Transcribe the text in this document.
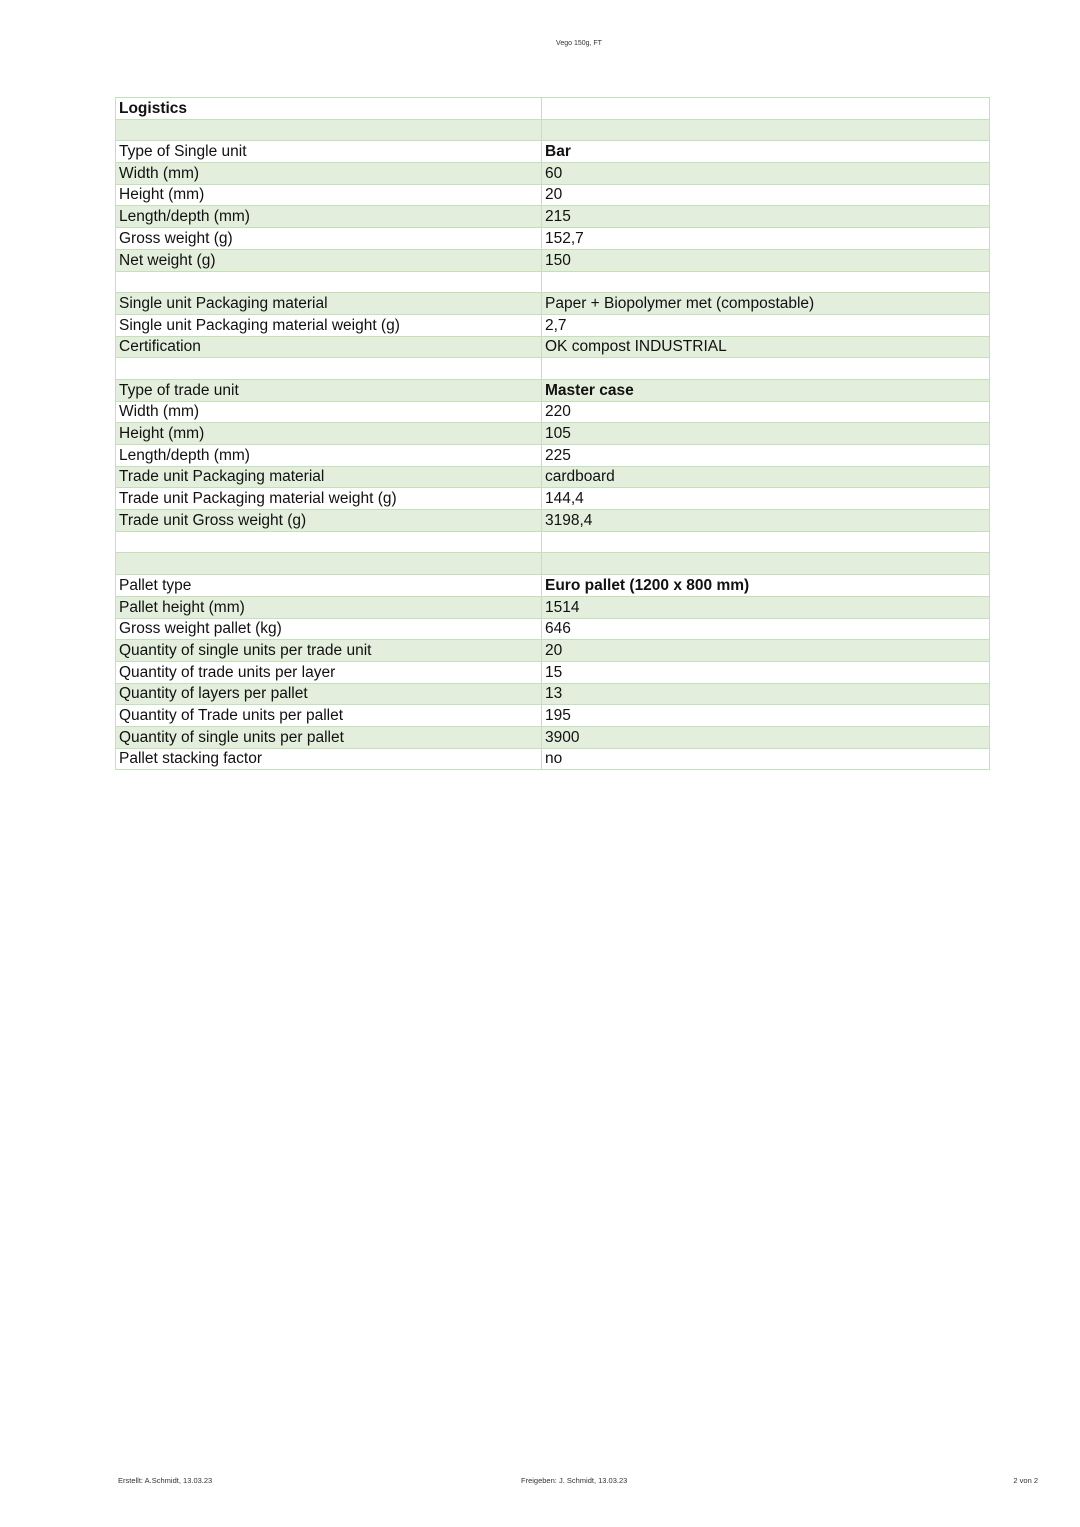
Vego 150g, FT
Logistics	

Type of Single unit	Bar
Width (mm)	60
Height (mm)	20
Length/depth (mm)	215
Gross weight (g)	152,7
Net weight (g)	150

Single unit Packaging material	Paper + Biopolymer met (compostable)
Single unit Packaging material weight (g)	2,7
Certification	OK compost INDUSTRIAL

Type of trade unit	Master case
Width (mm)	220
Height (mm)	105
Length/depth (mm)	225
Trade unit Packaging material	cardboard
Trade unit Packaging material weight (g)	144,4
Trade unit Gross weight (g)	3198,4

Pallet type	Euro pallet (1200 x 800 mm)
Pallet height (mm)	1514
Gross weight pallet (kg)	646
Quantity of single units per trade unit	20
Quantity of trade units per layer	15
Quantity of layers per pallet	13
Quantity of Trade units per pallet	195
Quantity of single units per pallet	3900
Pallet stacking factor	no
Erstellt: A.Schmidt, 13.03.23	Freigeben: J. Schmidt, 13.03.23	2 von 2
